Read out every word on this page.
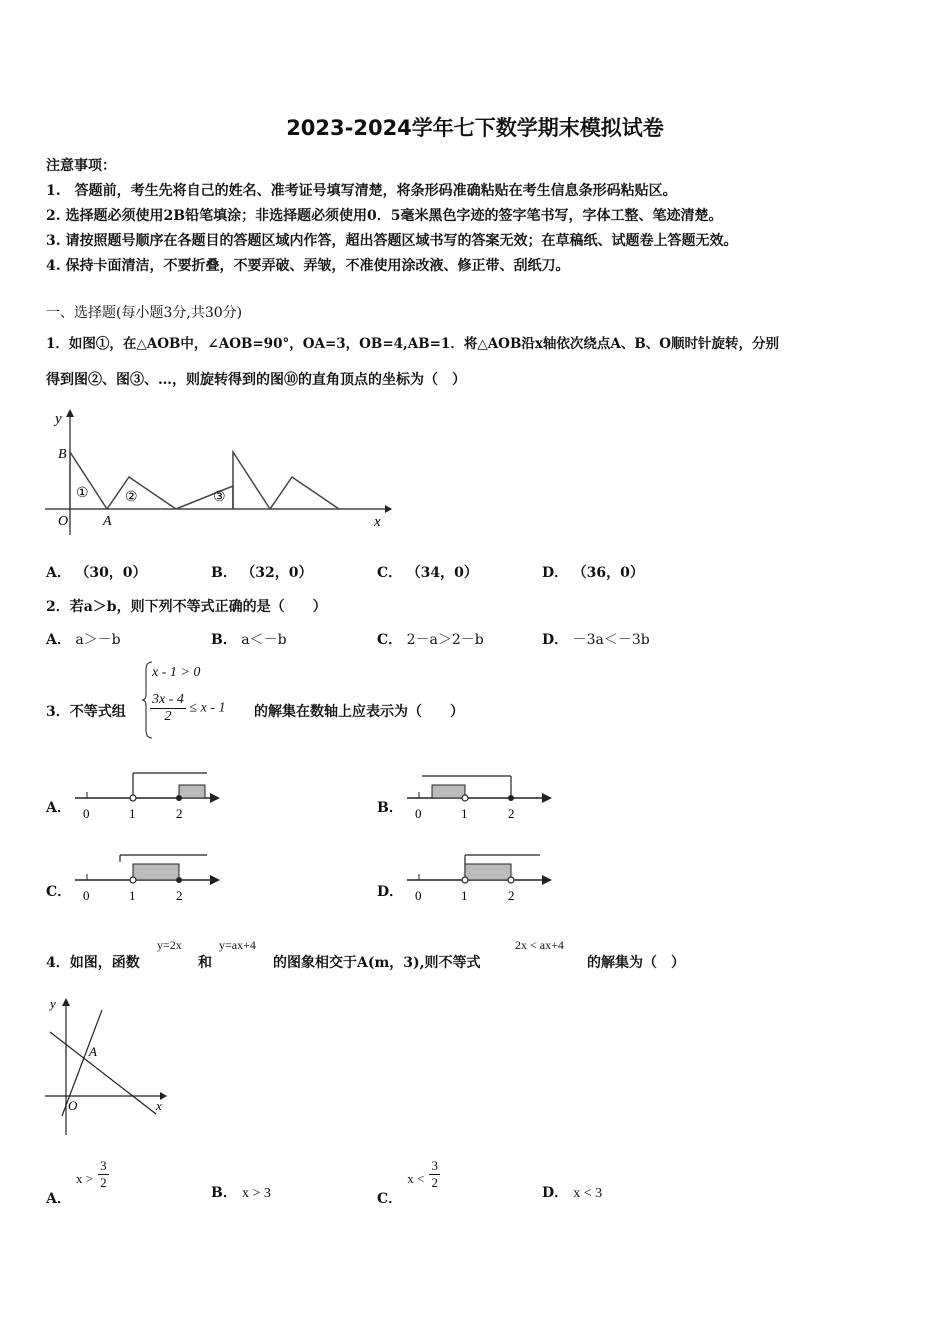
2023-2024学年七下数学期末模拟试卷
注意事项：
1.　答题前，考生先将自己的姓名、准考证号填写清楚，将条形码准确粘贴在考生信息条形码粘贴区。
2. 选择题必须使用2B铅笔填涂；非选择题必须使用0．5毫米黑色字迹的签字笔书写，字体工整、笔迹清楚。
3. 请按照题号顺序在各题目的答题区域内作答，超出答题区域书写的答案无效；在草稿纸、试题卷上答题无效。
4. 保持卡面清洁，不要折叠，不要弄破、弄皱，不准使用涂改液、修正带、刮纸刀。
一、选择题(每小题3分,共30分)
1．如图①，在△AOB中，∠AOB=90°，OA=3，OB=4,AB=1．将△AOB沿x轴依次绕点A、B、O顺时针旋转，分别
得到图②、图③、…，则旋转得到的图⑩的直角顶点的坐标为（　）
y
B
O A	x
①	②	③
A． （30，0）	B． （32，0）	C． （34，0）	D． （36，0）
2．若a＞b，则下列不等式正确的是（　　）
A． a＞－b	B． a＜－b	C． 2－a＞2－b	D． －3a＜－3b
3．不等式组
x - 1 > 0
$\frac{3x - 4}{2} \le x - 1$ 的解集在数轴上应表示为（　　）
A． 0	1	2	B． 0	1	2
C． 0	1	2	D． 0	1	2
4．如图，函数
y=2x
和
y=ax+4
的图象相交于A(m，3),则不等式
2x < ax+4
的解集为（　）
y
x
O
A
A． $_{x >} \frac{3}{2}$
B． x > 3	C． $_{x <} \frac{3}{2}$
D． x < 3
